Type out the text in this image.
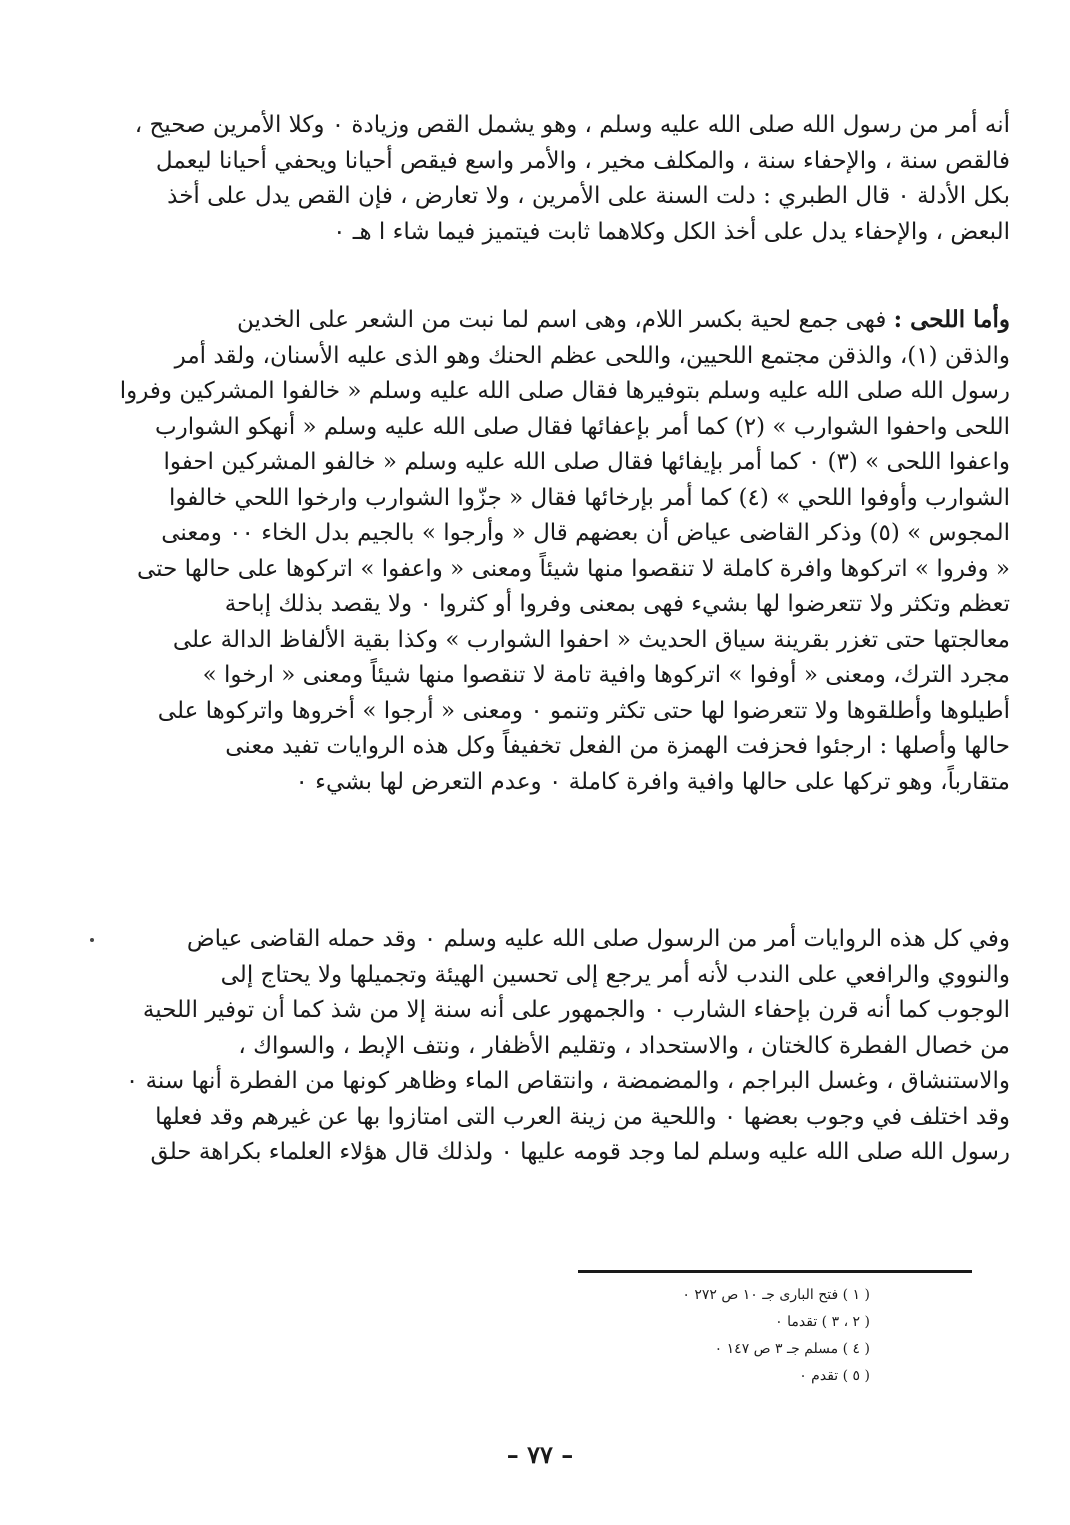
أنه أمر من رسول الله صلى الله عليه وسلم ، وهو يشمل القص وزيادة ٠ وكلا الأمرين صحيح ،
فالقص سنة ، والإحفاء سنة ، والمكلف مخير ، والأمر واسع فيقص أحيانا ويحفي أحيانا ليعمل
بكل الأدلة ٠ قال الطبري : دلت السنة على الأمرين ، ولا تعارض ، فإن القص يدل على أخذ
البعض ، والإحفاء يدل على أخذ الكل وكلاهما ثابت فيتميز فيما شاء ا هـ ٠
وأما اللحى : فهى جمع لحية بكسر اللام، وهى اسم لما نبت من الشعر على الخدين
والذقن (١)، والذقن مجتمع اللحيين، واللحى عظم الحنك وهو الذى عليه الأسنان، ولقد أمر
رسول الله صلى الله عليه وسلم بتوفيرها فقال صلى الله عليه وسلم « خالفوا المشركين وفروا
اللحى واحفوا الشوارب » (٢) كما أمر بإعفائها فقال صلى الله عليه وسلم « أنهكو الشوارب
واعفوا اللحى » (٣) ٠ كما أمر بإيفائها فقال صلى الله عليه وسلم « خالفو المشركين احفوا
الشوارب وأوفوا اللحي » (٤) كما أمر بإرخائها فقال « جزّوا الشوارب وارخوا اللحي خالفوا
المجوس » (٥) وذكر القاضى عياض أن بعضهم قال « وأرجوا » بالجيم بدل الخاء ٠٠ ومعنى
« وفروا » اتركوها وافرة كاملة لا تنقصوا منها شيئاً ومعنى « واعفوا » اتركوها على حالها حتى
تعظم وتكثر ولا تتعرضوا لها بشيء فهى بمعنى وفروا أو كثروا ٠ ولا يقصد بذلك إباحة
معالجتها حتى تغزر بقرينة سياق الحديث « احفوا الشوارب » وكذا بقية الألفاظ الدالة على
مجرد الترك، ومعنى « أوفوا » اتركوها وافية تامة لا تنقصوا منها شيئاً ومعنى « ارخوا »
أطيلوها وأطلقوها ولا تتعرضوا لها حتى تكثر وتنمو ٠ ومعنى « أرجوا » أخروها واتركوها على
حالها وأصلها : ارجئوا فحزفت الهمزة من الفعل تخفيفاً وكل هذه الروايات تفيد معنى
متقارباً، وهو تركها على حالها وافية وافرة كاملة ٠ وعدم التعرض لها بشيء ٠
وفي كل هذه الروايات أمر من الرسول صلى الله عليه وسلم ٠ وقد حمله القاضى عياض
والنووي والرافعي على الندب لأنه أمر يرجع إلى تحسين الهيئة وتجميلها ولا يحتاج إلى
الوجوب كما أنه قرن بإحفاء الشارب ٠ والجمهور على أنه سنة إلا من شذ كما أن توفير اللحية
من خصال الفطرة كالختان ، والاستحداد ، وتقليم الأظفار ، ونتف الإبط ، والسواك ،
والاستنشاق ، وغسل البراجم ، والمضمضة ، وانتقاص الماء وظاهر كونها من الفطرة أنها سنة ٠
وقد اختلف في وجوب بعضها ٠ واللحية من زينة العرب التى امتازوا بها عن غيرهم وقد فعلها
رسول الله صلى الله عليه وسلم لما وجد قومه عليها ٠ ولذلك قال هؤلاء العلماء بكراهة حلق
( ١ ) فتح البارى جـ ١٠ ص ٢٧٢ ٠
( ٢ ، ٣ ) تقدما ٠
( ٤ ) مسلم جـ ٣ ص ١٤٧ ٠
( ٥ ) تقدم ٠
– ٧٧ –
